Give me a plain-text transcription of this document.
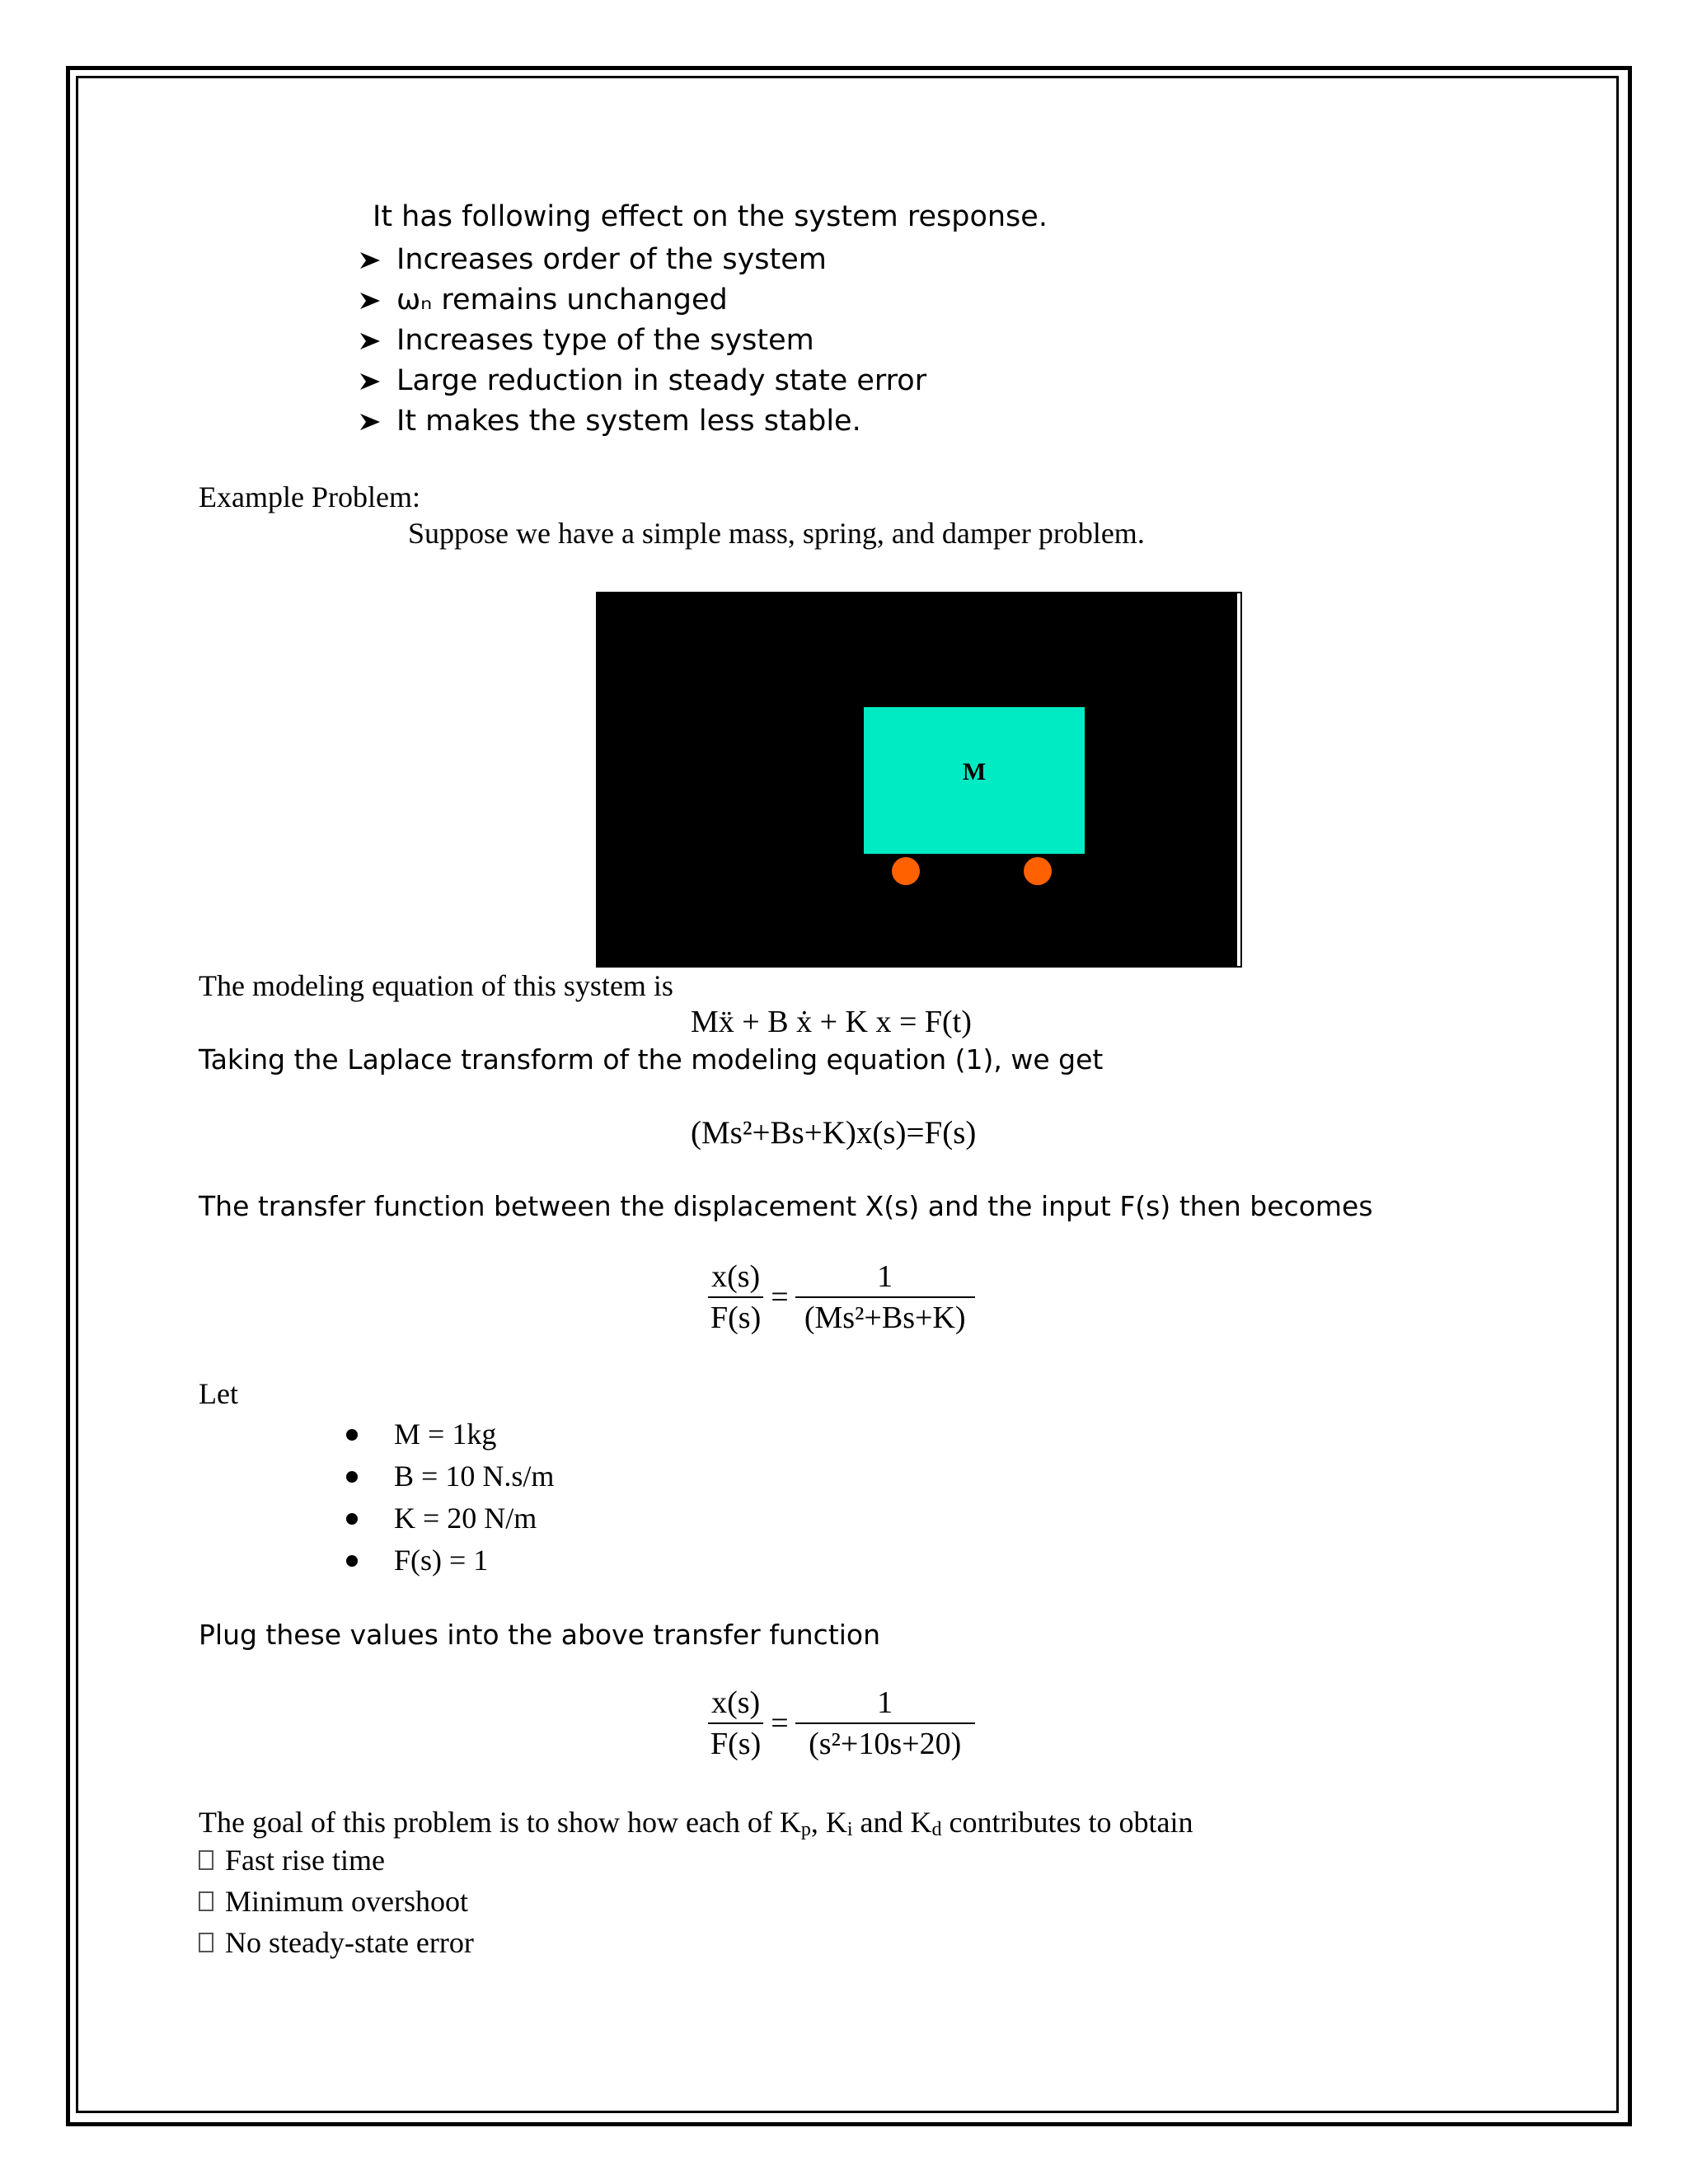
It has following effect on the system response.
Increases order of the system
ωₙ remains unchanged
Increases type of the system
Large reduction in steady state error
It makes the system less stable.
Example Problem:
Suppose we have a simple mass, spring, and damper problem.
M
The modeling equation of this system is
Mẍ + B ẋ + K x = F(t)
Taking the Laplace transform of the modeling equation (1), we get
(Ms²+Bs+K)x(s)=F(s)
The transfer function between the displacement X(s) and the input F(s) then becomes
$\frac{x(s)}{F(s)} = \frac{1}{\text{(Ms²+Bs+K)}}$
Let
M = 1kg
B = 10 N.s/m
K = 20 N/m
F(s) = 1
Plug these values into the above transfer function
$\frac{x(s)}{F(s)} = \frac{1}{\text{(s²+10s+20)}}$
The goal of this problem is to show how each of $K_p$, $K_i$ and $K_d$ contributes to obtain
Fast rise time
Minimum overshoot
No steady-state error
